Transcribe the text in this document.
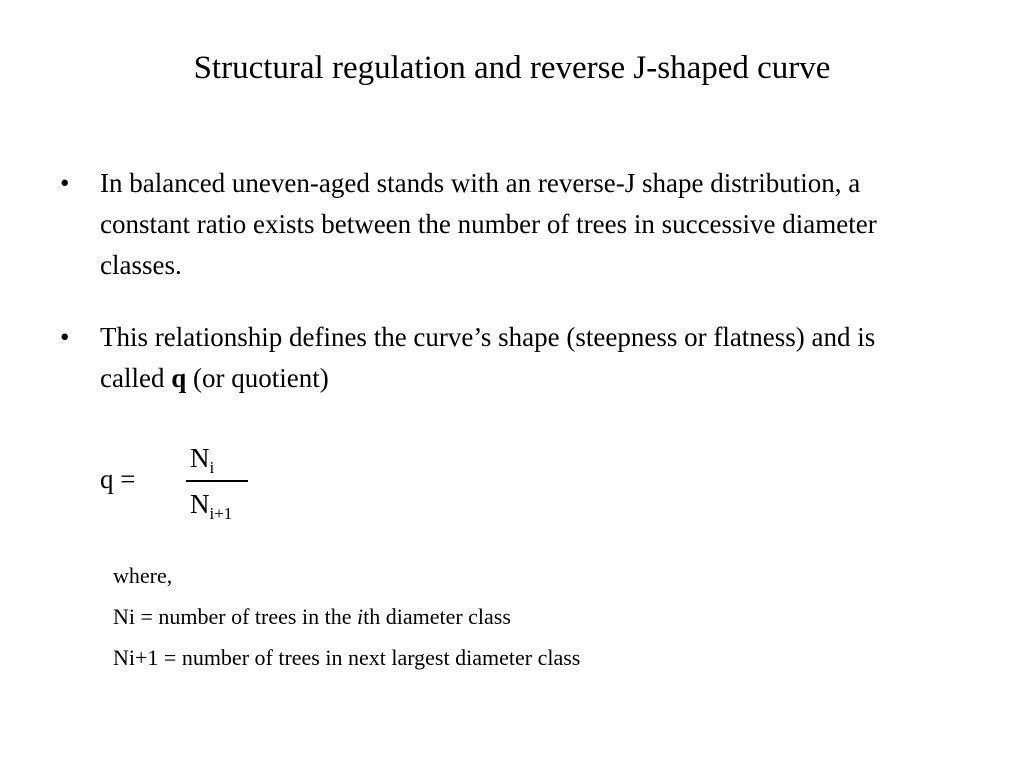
Structural regulation and reverse J-shaped curve
•	In balanced uneven-aged stands with an reverse-J shape distribution, a constant ratio exists between the number of trees in successive diameter classes.
•	This relationship defines the curve’s shape (steepness or flatness) and is called q (or quotient)
q =
$N_i$
$N_{i+1}$
where,
Ni = number of trees in the ith diameter class
Ni+1 = number of trees in next largest diameter class
